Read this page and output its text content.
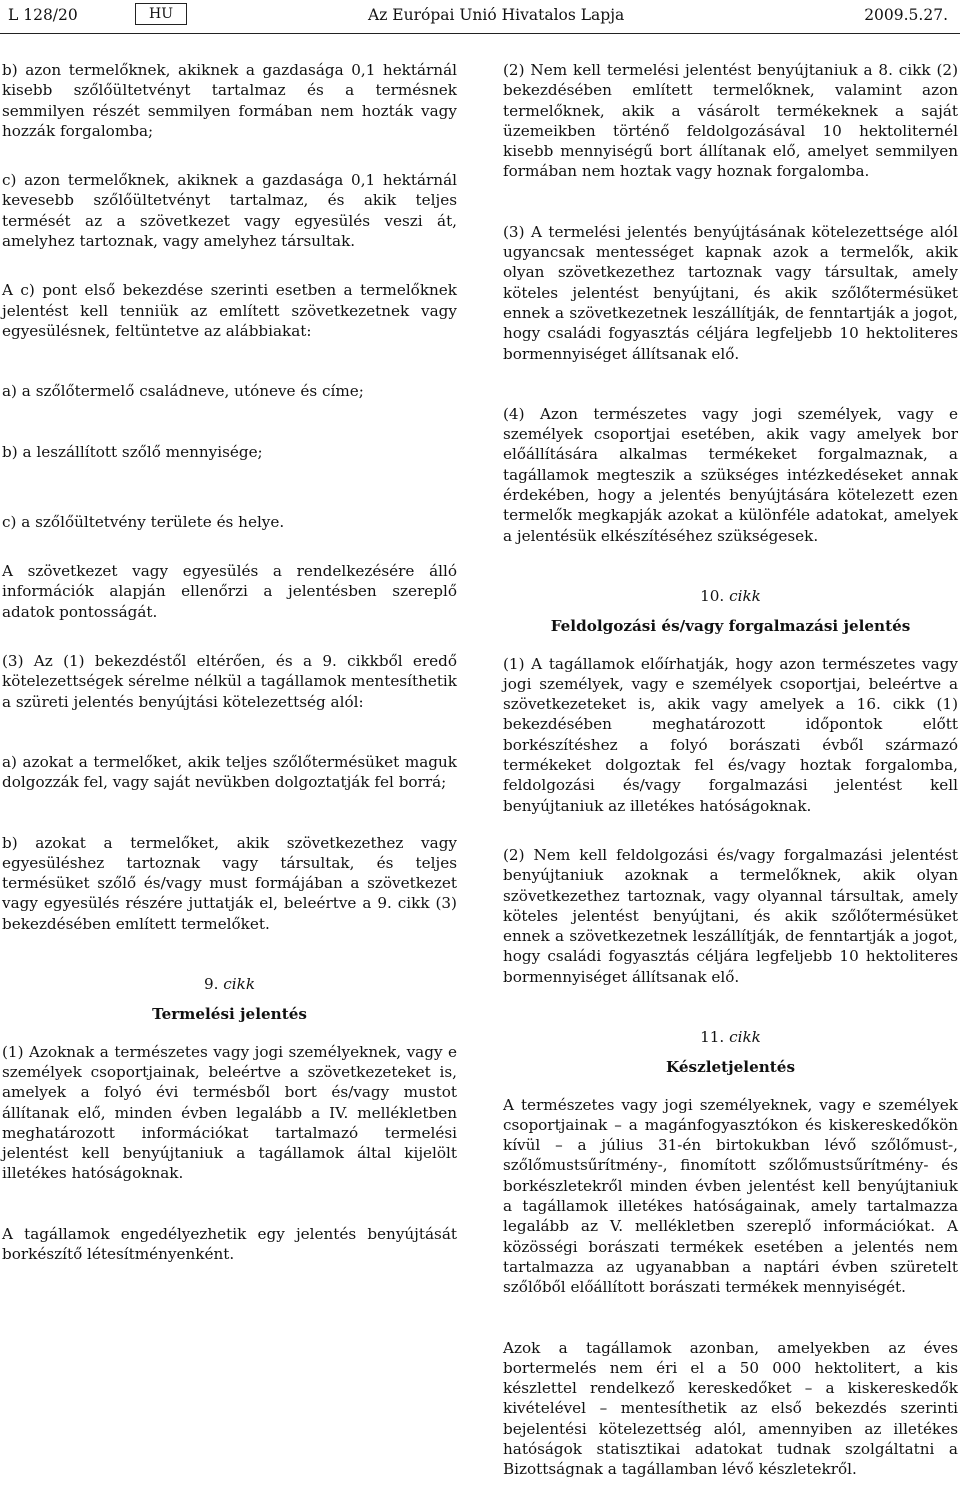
L 128/20	HU	Az Európai Unió Hivatalos Lapja	2009.5.27.

b) azon termelőknek, akiknek a gazdasága 0,1 hektárnál kisebb szőlőültetvényt tartalmaz és a termésnek semmilyen részét semmilyen formában nem hozták vagy hozzák forgalomba;

c) azon termelőknek, akiknek a gazdasága 0,1 hektárnál kevesebb szőlőültetvényt tartalmaz, és akik teljes termését az a szövetkezet vagy egyesülés veszi át, amelyhez tartoznak, vagy amelyhez társultak.

A c) pont első bekezdése szerinti esetben a termelőknek jelentést kell tenniük az említett szövetkezetnek vagy egyesülésnek, feltüntetve az alábbiakat:

a) a szőlőtermelő családneve, utóneve és címe;

b) a leszállított szőlő mennyisége;

c) a szőlőültetvény területe és helye.

A szövetkezet vagy egyesülés a rendelkezésére álló információk alapján ellenőrzi a jelentésben szereplő adatok pontosságát.

(3) Az (1) bekezdéstől eltérően, és a 9. cikkből eredő kötelezettségek sérelme nélkül a tagállamok mentesíthetik a szüreti jelentés benyújtási kötelezettség alól:

a) azokat a termelőket, akik teljes szőlőtermésüket maguk dolgozzák fel, vagy saját nevükben dolgoztatják fel borrá;

b) azokat a termelőket, akik szövetkezethez vagy egyesüléshez tartoznak vagy társultak, és teljes termésüket szőlő és/vagy must formájában a szövetkezet vagy egyesülés részére juttatják el, beleértve a 9. cikk (3) bekezdésében említett termelőket.

9. cikk
Termelési jelentés

(1) Azoknak a természetes vagy jogi személyeknek, vagy e személyek csoportjainak, beleértve a szövetkezeteket is, amelyek a folyó évi termésből bort és/vagy mustot állítanak elő, minden évben legalább a IV. mellékletben meghatározott információkat tartalmazó termelési jelentést kell benyújtaniuk a tagállamok által kijelölt illetékes hatóságoknak.

A tagállamok engedélyezhetik egy jelentés benyújtását borkészítő létesítményenként.

(2) Nem kell termelési jelentést benyújtaniuk a 8. cikk (2) bekezdésében említett termelőknek, valamint azon termelőknek, akik a vásárolt termékeknek a saját üzemeikben történő feldolgozásával 10 hektoliternél kisebb mennyiségű bort állítanak elő, amelyet semmilyen formában nem hoztak vagy hoznak forgalomba.

(3) A termelési jelentés benyújtásának kötelezettsége alól ugyancsak mentességet kapnak azok a termelők, akik olyan szövetkezethez tartoznak vagy társultak, amely köteles jelentést benyújtani, és akik szőlőtermésüket ennek a szövetkezetnek leszállítják, de fenntartják a jogot, hogy családi fogyasztás céljára legfeljebb 10 hektoliteres bormennyiséget állítsanak elő.

(4) Azon természetes vagy jogi személyek, vagy e személyek csoportjai esetében, akik vagy amelyek bor előállítására alkalmas termékeket forgalmaznak, a tagállamok megteszik a szükséges intézkedéseket annak érdekében, hogy a jelentés benyújtására kötelezett ezen termelők megkapják azokat a különféle adatokat, amelyek a jelentésük elkészítéséhez szükségesek.

10. cikk
Feldolgozási és/vagy forgalmazási jelentés

(1) A tagállamok előírhatják, hogy azon természetes vagy jogi személyek, vagy e személyek csoportjai, beleértve a szövetkezeteket is, akik vagy amelyek a 16. cikk (1) bekezdésében meghatározott időpontok előtt borkészítéshez a folyó borászati évből származó termékeket dolgoztak fel és/vagy hoztak forgalomba, feldolgozási és/vagy forgalmazási jelentést kell benyújtaniuk az illetékes hatóságoknak.

(2) Nem kell feldolgozási és/vagy forgalmazási jelentést benyújtaniuk azoknak a termelőknek, akik olyan szövetkezethez tartoznak, vagy olyannal társultak, amely köteles jelentést benyújtani, és akik szőlőtermésüket ennek a szövetkezetnek leszállítják, de fenntartják a jogot, hogy családi fogyasztás céljára legfeljebb 10 hektoliteres bormennyiséget állítsanak elő.

11. cikk
Készletjelentés

A természetes vagy jogi személyeknek, vagy e személyek csoportjainak – a magánfogyasztókon és kiskereskedőkön kívül – a július 31-én birtokukban lévő szőlőmust-, szőlőmustsűrítmény-, finomított szőlőmustsűrítmény- és borkészletekről minden évben jelentést kell benyújtaniuk a tagállamok illetékes hatóságainak, amely tartalmazza legalább az V. mellékletben szereplő információkat. A közösségi borászati termékek esetében a jelentés nem tartalmazza az ugyanabban a naptári évben szüretelt szőlőből előállított borászati termékek mennyiségét.

Azok a tagállamok azonban, amelyekben az éves bortermelés nem éri el a 50 000 hektolitert, a kis készlettel rendelkező kereskedőket – a kiskereskedők kivételével – mentesíthetik az első bekezdés szerinti bejelentési kötelezettség alól, amennyiben az illetékes hatóságok statisztikai adatokat tudnak szolgáltatni a Bizottságnak a tagállamban lévő készletekről.
